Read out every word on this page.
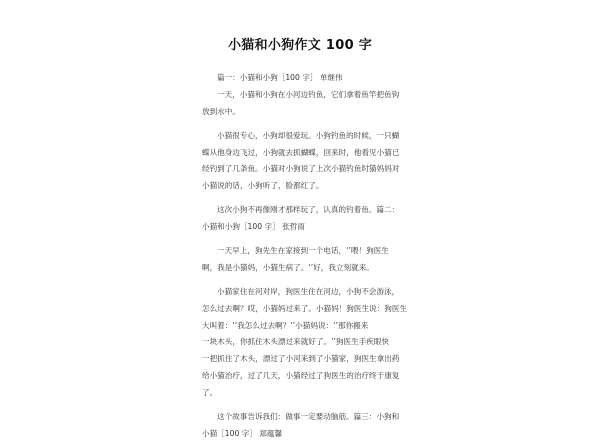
小猫和小狗作文 100 字
篇一：小猫和小狗［100 字］ 单继伟
一天，小猫和小狗在小河边钓鱼，它们拿着鱼竿把鱼钩
放到水中。
小猫很专心，小狗却很爱玩。小狗钓鱼的时候，一只蝴
蝶从他身边飞过，小狗就去抓蝴蝶，回来时，他看见小猫已
经钓到了几条鱼。小猫对小狗说了上次小猫钓鱼时猫妈妈对
小猫说的话，小狗听了，脸都红了。
这次小狗不再像刚才那样玩了，认真的钓着鱼。篇二：
小猫和小狗［100 字］ 张哲雨
一天早上，狗先生在家接到一个电话，‘’喂！狗医生
啊，我是小猫妈，小猫生病了。‘’好，我立刻就来。
小猫家住在河对岸，狗医生住在河边，小狗不会游泳，
怎么过去啊？哎，小猫妈过来了。小猫妈！狗医生说：狗医生
大叫着：‘’我怎么过去啊？‘’小猫妈说：‘’那你搬来
一块木头，你抓住木头漂过来就好了。‘’狗医生手疾眼快
一把抓住了木头，漂过了小河来到了小猫家，狗医生拿出药
给小猫治疗，过了几天，小猫经过了狗医生的治疗终于康复
了。
这个故事告诉我们：做事一定要动脑筋。篇三：小狗和
小猫［100 字］ 郑蕴馨
